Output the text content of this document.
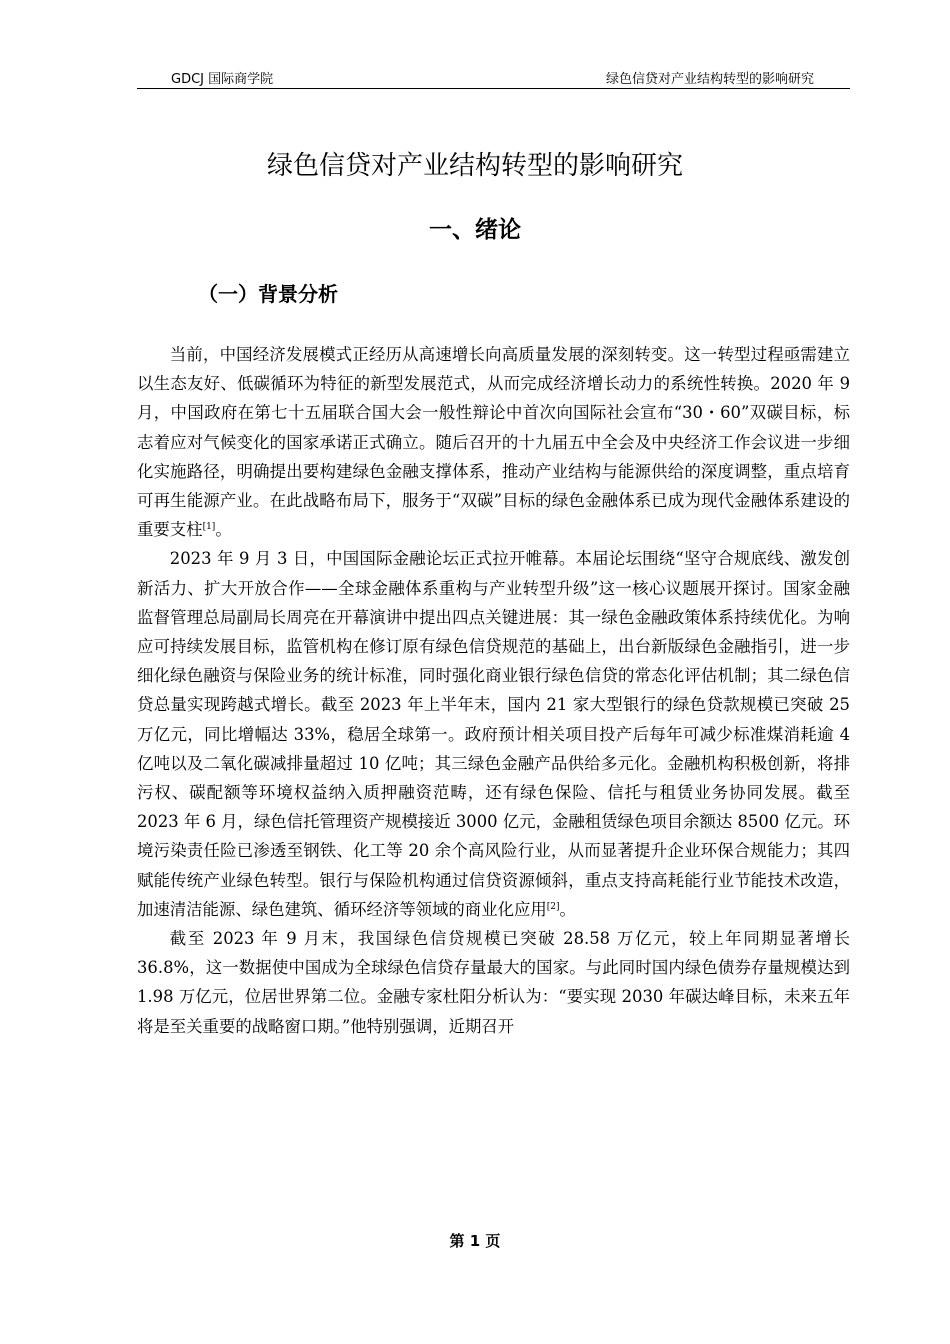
GDCJ 国际商学院	绿色信贷对产业结构转型的影响研究
绿色信贷对产业结构转型的影响研究
一、绪论
（一）背景分析

当前，中国经济发展模式正经历从高速增长向高质量发展的深刻转变。这一转型过程亟需建立以生态友好、低碳循环为特征的新型发展范式，从而完成经济增长动力的系统性转换。2020 年 9 月，中国政府在第七十五届联合国大会一般性辩论中首次向国际社会宣布“30・60”双碳目标，标志着应对气候变化的国家承诺正式确立。随后召开的十九届五中全会及中央经济工作会议进一步细化实施路径，明确提出要构建绿色金融支撑体系，推动产业结构与能源供给的深度调整，重点培育可再生能源产业。在此战略布局下，服务于“双碳”目标的绿色金融体系已成为现代金融体系建设的重要支柱[1]。

2023 年 9 月 3 日，中国国际金融论坛正式拉开帷幕。本届论坛围绕“坚守合规底线、激发创新活力、扩大开放合作——全球金融体系重构与产业转型升级”这一核心议题展开探讨。国家金融监督管理总局副局长周亮在开幕演讲中提出四点关键进展：其一绿色金融政策体系持续优化。为响应可持续发展目标，监管机构在修订原有绿色信贷规范的基础上，出台新版绿色金融指引，进一步细化绿色融资与保险业务的统计标准，同时强化商业银行绿色信贷的常态化评估机制；其二绿色信贷总量实现跨越式增长。截至 2023 年上半年末，国内 21 家大型银行的绿色贷款规模已突破 25 万亿元，同比增幅达 33%，稳居全球第一。政府预计相关项目投产后每年可减少标准煤消耗逾 4 亿吨以及二氧化碳减排量超过 10 亿吨；其三绿色金融产品供给多元化。金融机构积极创新，将排污权、碳配额等环境权益纳入质押融资范畴，还有绿色保险、信托与租赁业务协同发展。截至 2023 年 6 月，绿色信托管理资产规模接近 3000 亿元，金融租赁绿色项目余额达 8500 亿元。环境污染责任险已渗透至钢铁、化工等 20 余个高风险行业，从而显著提升企业环保合规能力；其四赋能传统产业绿色转型。银行与保险机构通过信贷资源倾斜，重点支持高耗能行业节能技术改造，加速清洁能源、绿色建筑、循环经济等领域的商业化应用[2]。

截至 2023 年 9 月末，我国绿色信贷规模已突破 28.58 万亿元，较上年同期显著增长 36.8%，这一数据使中国成为全球绿色信贷存量最大的国家。与此同时国内绿色债券存量规模达到 1.98 万亿元，位居世界第二位。金融专家杜阳分析认为：“要实现 2030 年碳达峰目标，未来五年将是至关重要的战略窗口期。”他特别强调，近期召开

第 1 页
